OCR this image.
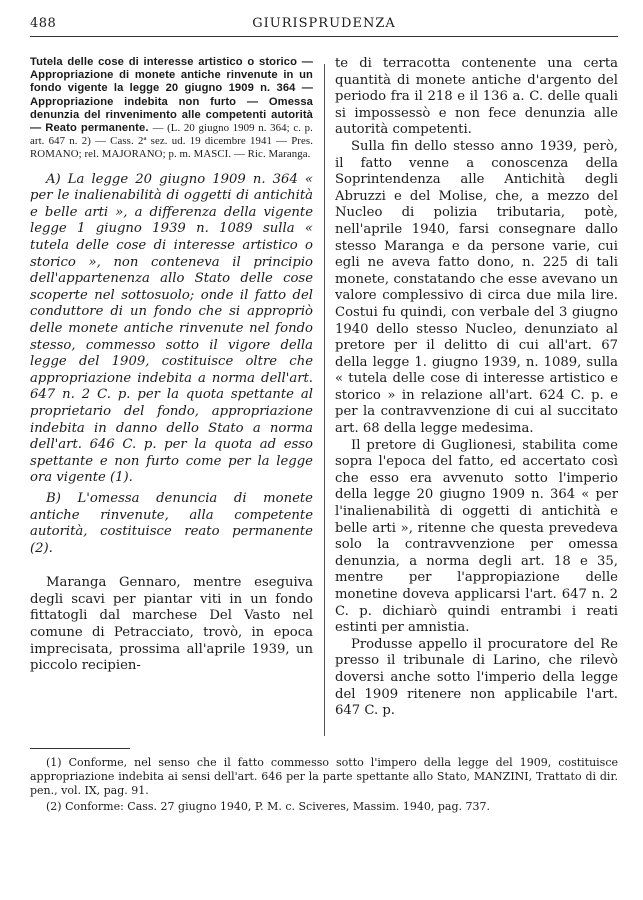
488	GIURISPRUDENZA

Tutela delle cose di interesse artistico o storico — Appropriazione di monete antiche rinvenute in un fondo vigente la legge 20 giugno 1909 n. 364 — Appropriazione indebita non furto — Omessa denunzia del rinvenimento alle competenti autorità — Reato permanente. — (L. 20 giugno 1909 n. 364; c. p. art. 647 n. 2) — Cass. 2ª sez. ud. 19 dicembre 1941 — Pres. ROMANO; rel. MAJORANO; p. m. MASCI. — Ric. Maranga.

A) La legge 20 giugno 1909 n. 364 « per le inalienabilità di oggetti di antichità e belle arti », a differenza della vigente legge 1 giugno 1939 n. 1089 sulla « tutela delle cose di interesse artistico o storico », non conteneva il principio dell'appartenenza allo Stato delle cose scoperte nel sottosuolo; onde il fatto del conduttore di un fondo che si appropriò delle monete antiche rinvenute nel fondo stesso, commesso sotto il vigore della legge del 1909, costituisce oltre che appropriazione indebita a norma dell'art. 647 n. 2 C. p. per la quota spettante al proprietario del fondo, appropriazione indebita in danno dello Stato a norma dell'art. 646 C. p. per la quota ad esso spettante e non furto come per la legge ora vigente (1).

B) L'omessa denuncia di monete antiche rinvenute, alla competente autorità, costituisce reato permanente (2).

Maranga Gennaro, mentre eseguiva degli scavi per piantar viti in un fondo fittatogli dal marchese Del Vasto nel comune di Petracciato, trovò, in epoca imprecisata, prossima all'aprile 1939, un piccolo recipien-

te di terracotta contenente una certa quantità di monete antiche d'argento del periodo fra il 218 e il 136 a. C. delle quali si impossessò e non fece denunzia alle autorità competenti.

Sulla fin dello stesso anno 1939, però, il fatto venne a conoscenza della Soprintendenza alle Antichità degli Abruzzi e del Molise, che, a mezzo del Nucleo di polizia tributaria, potè, nell'aprile 1940, farsi consegnare dallo stesso Maranga e da persone varie, cui egli ne aveva fatto dono, n. 225 di tali monete, constatando che esse avevano un valore complessivo di circa due mila lire. Costui fu quindi, con verbale del 3 giugno 1940 dello stesso Nucleo, denunziato al pretore per il delitto di cui all'art. 67 della legge 1. giugno 1939, n. 1089, sulla « tutela delle cose di interesse artistico e storico » in relazione all'art. 624 C. p. e per la contravvenzione di cui al succitato art. 68 della legge medesima.

Il pretore di Guglionesi, stabilita come sopra l'epoca del fatto, ed accertato così che esso era avvenuto sotto l'imperio della legge 20 giugno 1909 n. 364 « per l'inalienabilità di oggetti di antichità e belle arti », ritenne che questa prevedeva solo la contravvenzione per omessa denunzia, a norma degli art. 18 e 35, mentre per l'appropiazione delle monetine doveva applicarsi l'art. 647 n. 2 C. p. dichiarò quindi entrambi i reati estinti per amnistia.

Produsse appello il procuratore del Re presso il tribunale di Larino, che rilevò doversi anche sotto l'imperio della legge del 1909 ritenere non applicabile l'art. 647 C. p.

(1) Conforme, nel senso che il fatto commesso sotto l'impero della legge del 1909, costituisce appropriazione indebita ai sensi dell'art. 646 per la parte spettante allo Stato, MANZINI, Trattato di dir. pen., vol. IX, pag. 91.

(2) Conforme: Cass. 27 giugno 1940, P. M. c. Sciveres, Massim. 1940, pag. 737.
